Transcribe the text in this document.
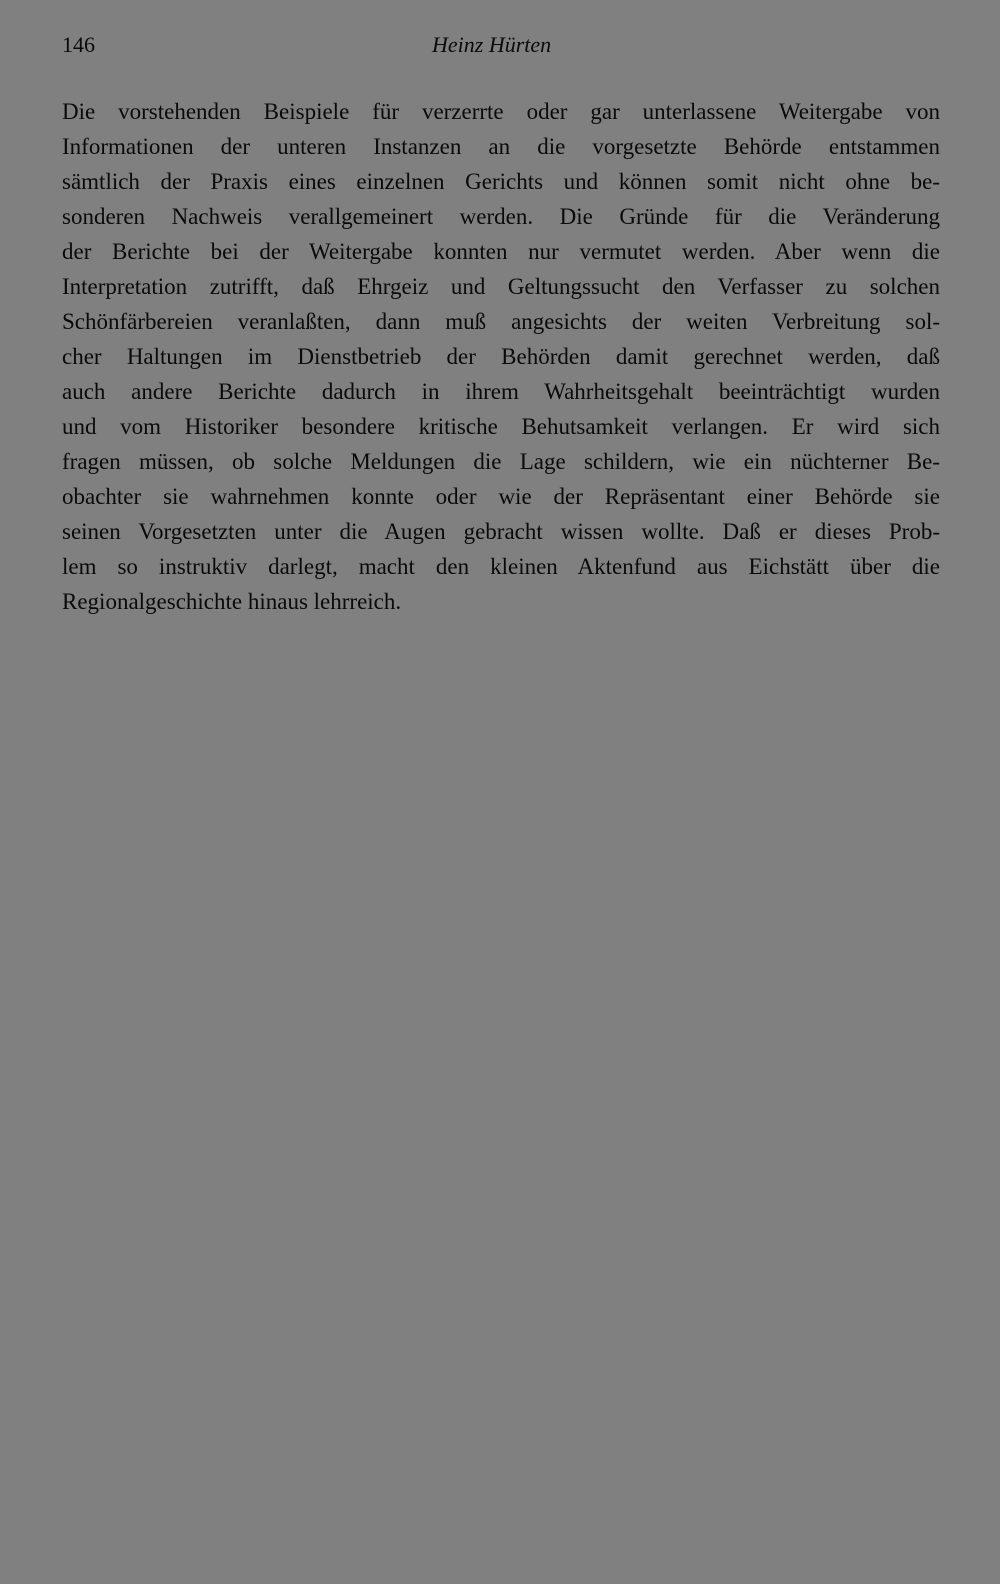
146	Heinz Hürten
Die vorstehenden Beispiele für verzerrte oder gar unterlassene Weitergabe von
Informationen der unteren Instanzen an die vorgesetzte Behörde entstammen
sämtlich der Praxis eines einzelnen Gerichts und können somit nicht ohne be-
sonderen Nachweis verallgemeinert werden. Die Gründe für die Veränderung
der Berichte bei der Weitergabe konnten nur vermutet werden. Aber wenn die
Interpretation zutrifft, daß Ehrgeiz und Geltungssucht den Verfasser zu solchen
Schönfärbereien veranlaßten, dann muß angesichts der weiten Verbreitung sol-
cher Haltungen im Dienstbetrieb der Behörden damit gerechnet werden, daß
auch andere Berichte dadurch in ihrem Wahrheitsgehalt beeinträchtigt wurden
und vom Historiker besondere kritische Behutsamkeit verlangen. Er wird sich
fragen müssen, ob solche Meldungen die Lage schildern, wie ein nüchterner Be-
obachter sie wahrnehmen konnte oder wie der Repräsentant einer Behörde sie
seinen Vorgesetzten unter die Augen gebracht wissen wollte. Daß er dieses Prob-
lem so instruktiv darlegt, macht den kleinen Aktenfund aus Eichstätt über die
Regionalgeschichte hinaus lehrreich.
